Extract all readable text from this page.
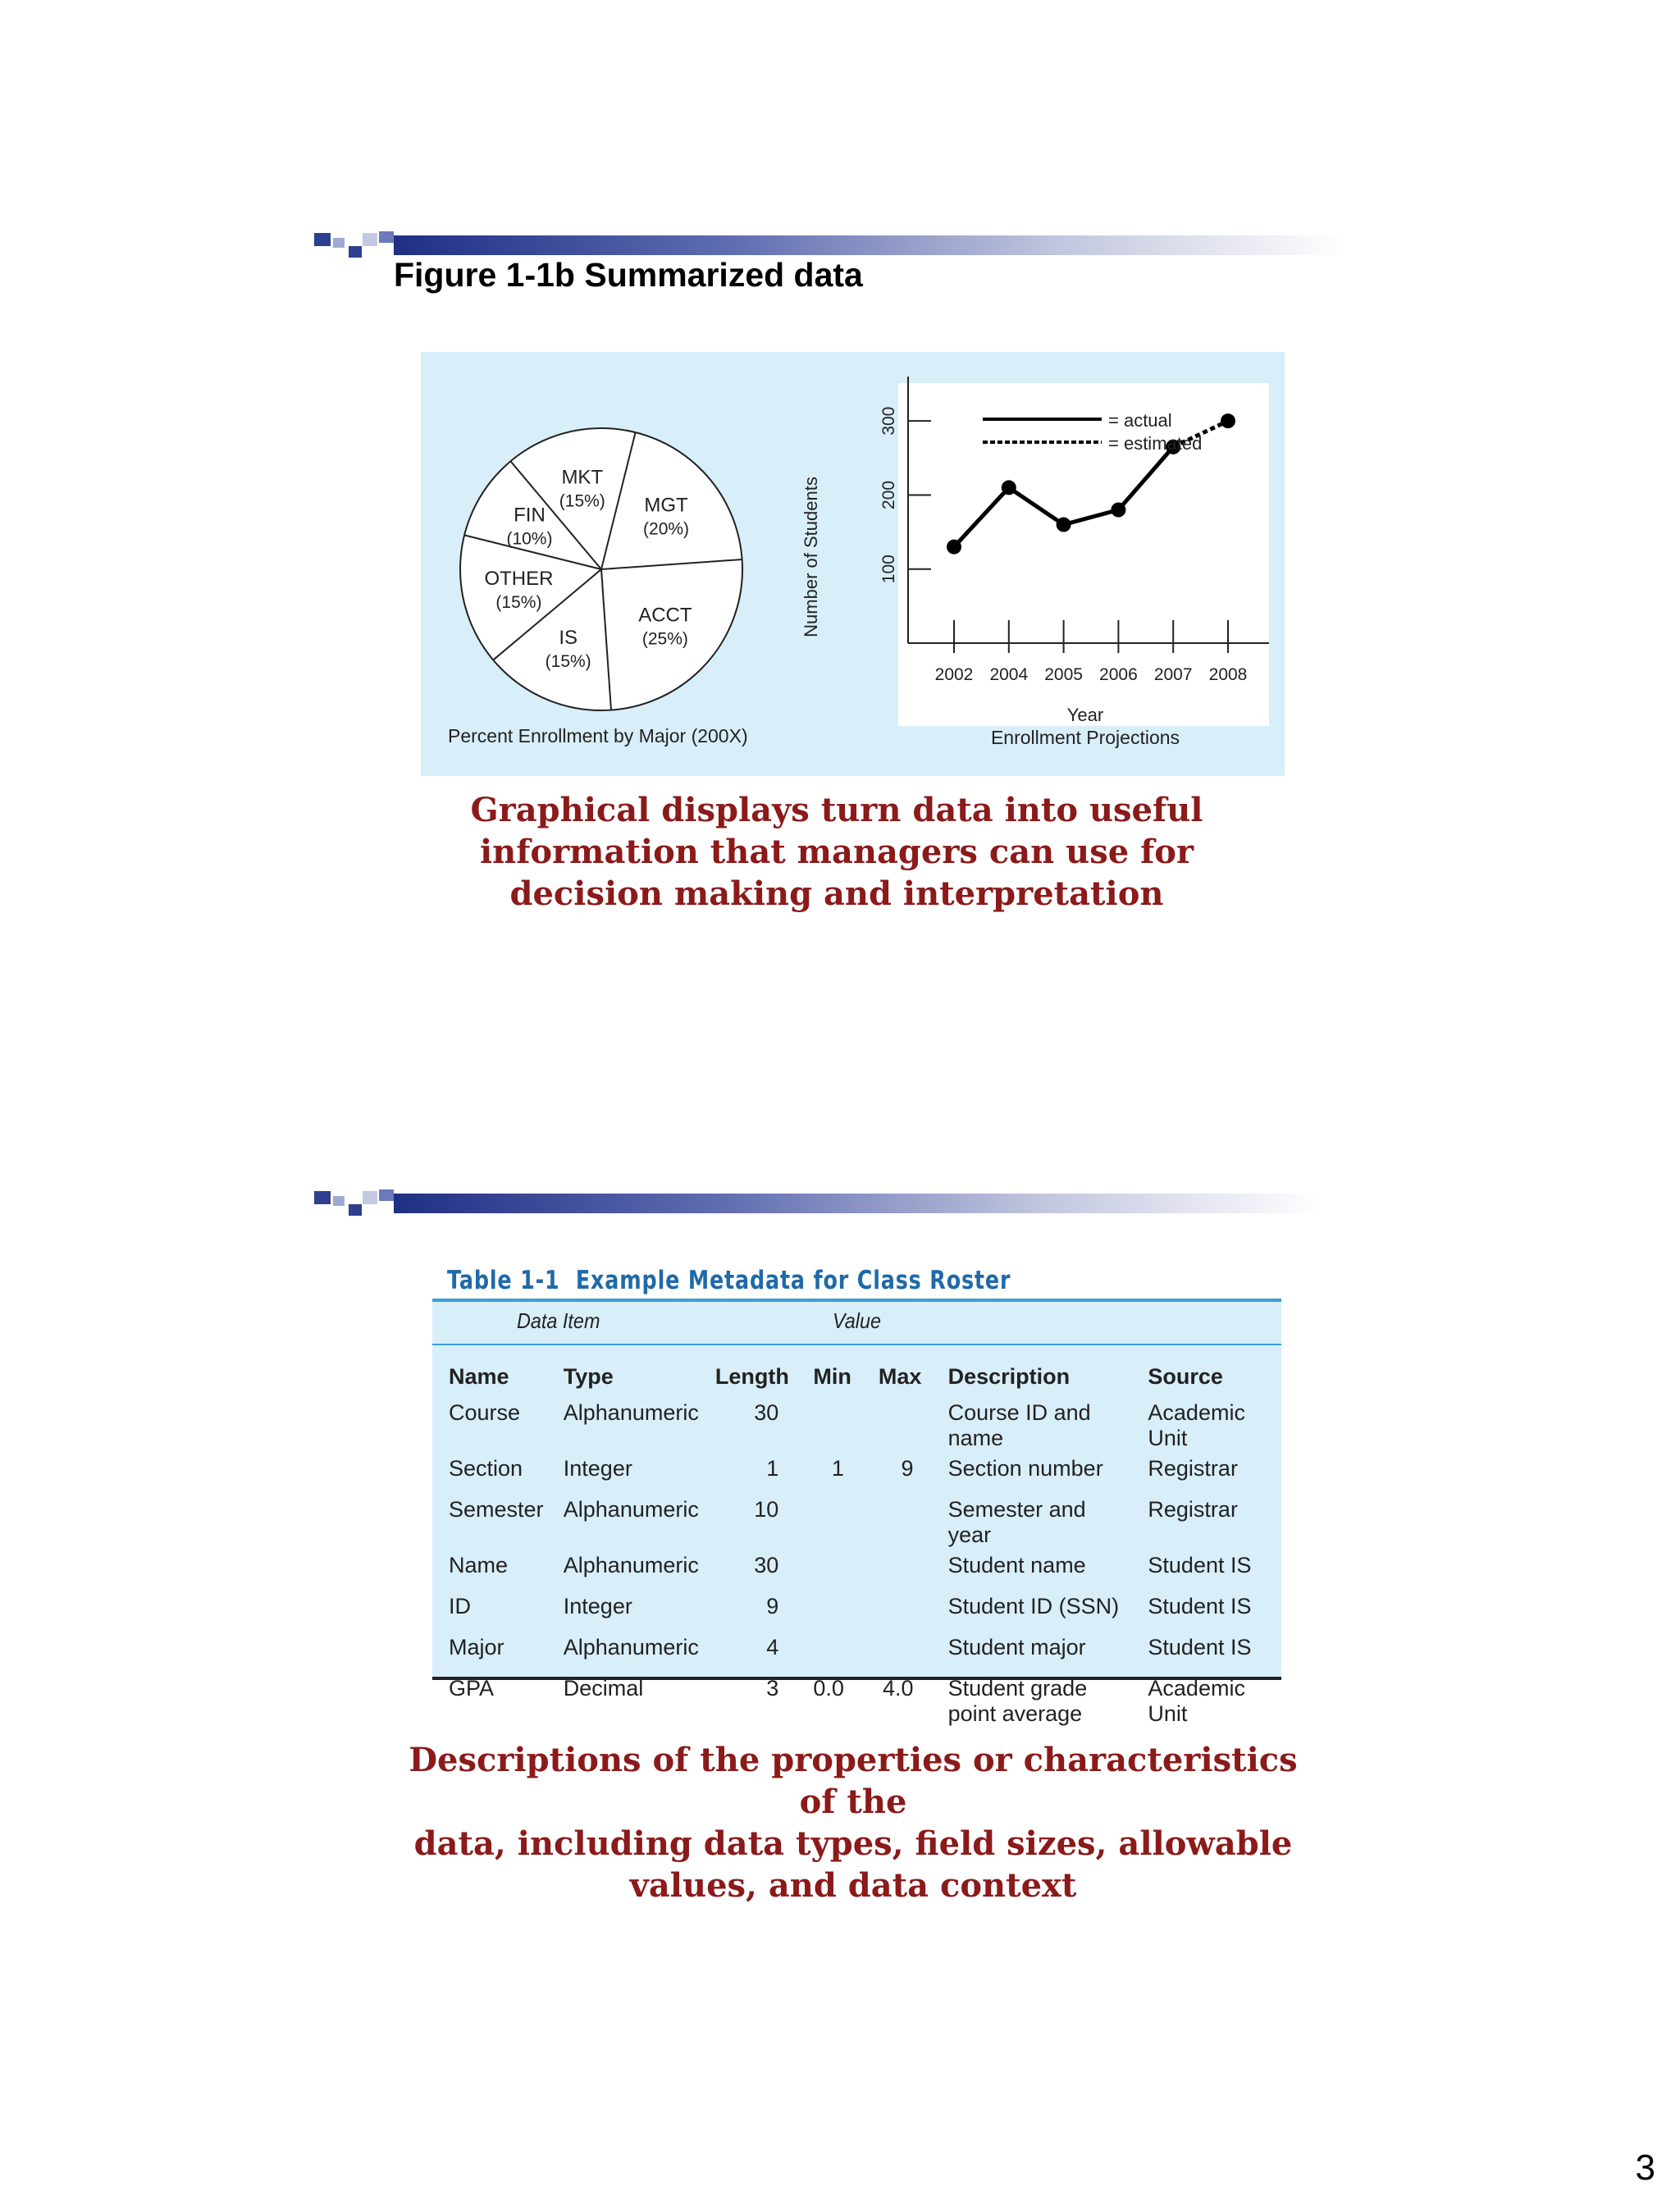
Figure 1-1b Summarized data
MKT
(15%) MGT
(20%)
ACCT
(25%)
IS
(15%)
OTHER
(15%)
FIN
(10%)
Percent Enrollment by Major (200X)
100
200
300
2002 2004 2005 2006 2007 2008
Number of Students
Year
Enrollment Projections
= actual
= estimated
Graphical displays turn data into useful
information that managers can use for
decision making and interpretation
Table 1-1 Example Metadata for Class Roster
Data Item	Value
Name	Type	Length	Min	Max	Description	Source
Course	Alphanumeric	30			Course ID and name	Academic Unit
Section	Integer	1	1	9	Section number	Registrar
Semester	Alphanumeric	10			Semester and year	Registrar
Name	Alphanumeric	30			Student name	Student IS
ID	Integer	9			Student ID (SSN)	Student IS
Major	Alphanumeric	4			Student major	Student IS
GPA	Decimal	3	0.0	4.0	Student grade
point average	Academic Unit
Descriptions of the properties or characteristics of the
data, including data types, field sizes, allowable
values, and data context
3
